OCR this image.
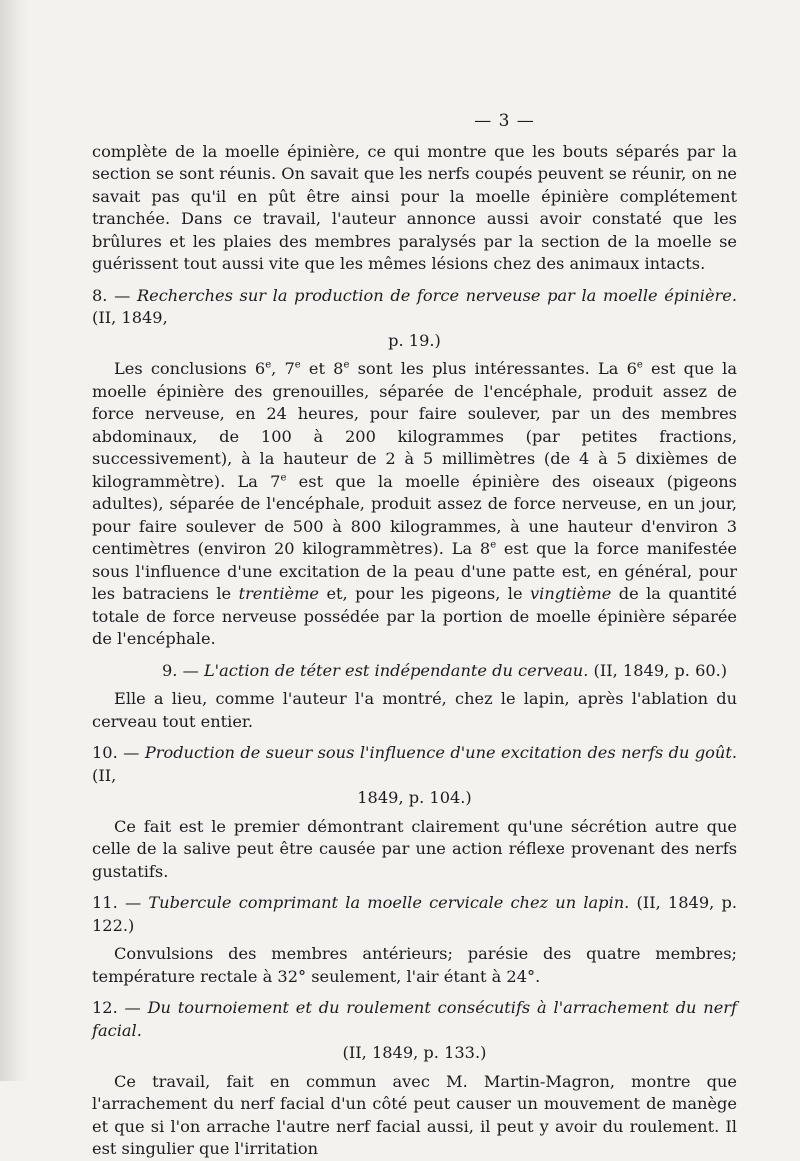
— 3 —

complète de la moelle épinière, ce qui montre que les bouts séparés par la section se sont réunis. On savait que les nerfs coupés peuvent se réunir, on ne savait pas qu'il en pût être ainsi pour la moelle épinière complétement tranchée. Dans ce travail, l'auteur annonce aussi avoir constaté que les brûlures et les plaies des membres paralysés par la section de la moelle se guérissent tout aussi vite que les mêmes lésions chez des animaux intacts.

8. — Recherches sur la production de force nerveuse par la moelle épinière. (II, 1849,
p. 19.)

Les conclusions 6e, 7e et 8e sont les plus intéressantes. La 6e est que la moelle épinière des grenouilles, séparée de l'encéphale, produit assez de force nerveuse, en 24 heures, pour faire soulever, par un des membres abdominaux, de 100 à 200 kilogrammes (par petites fractions, successivement), à la hauteur de 2 à 5 millimètres (de 4 à 5 dixièmes de kilogrammètre). La 7e est que la moelle épinière des oiseaux (pigeons adultes), séparée de l'encéphale, produit assez de force nerveuse, en un jour, pour faire soulever de 500 à 800 kilogrammes, à une hauteur d'environ 3 centimètres (environ 20 kilogrammètres). La 8e est que la force manifestée sous l'influence d'une excitation de la peau d'une patte est, en général, pour les batraciens le trentième et, pour les pigeons, le vingtième de la quantité totale de force nerveuse possédée par la portion de moelle épinière séparée de l'encéphale.

9. — L'action de téter est indépendante du cerveau. (II, 1849, p. 60.)

Elle a lieu, comme l'auteur l'a montré, chez le lapin, après l'ablation du cerveau tout entier.

10. — Production de sueur sous l'influence d'une excitation des nerfs du goût. (II,
1849, p. 104.)

Ce fait est le premier démontrant clairement qu'une sécrétion autre que celle de la salive peut être causée par une action réflexe provenant des nerfs gustatifs.

11. — Tubercule comprimant la moelle cervicale chez un lapin. (II, 1849, p. 122.)

Convulsions des membres antérieurs; parésie des quatre membres; température rectale à 32° seulement, l'air étant à 24°.

12. — Du tournoiement et du roulement consécutifs à l'arrachement du nerf facial.
(II, 1849, p. 133.)

Ce travail, fait en commun avec M. Martin-Magron, montre que l'arrachement du nerf facial d'un côté peut causer un mouvement de manège et que si l'on arrache l'autre nerf facial aussi, il peut y avoir du roulement. Il est singulier que l'irritation
